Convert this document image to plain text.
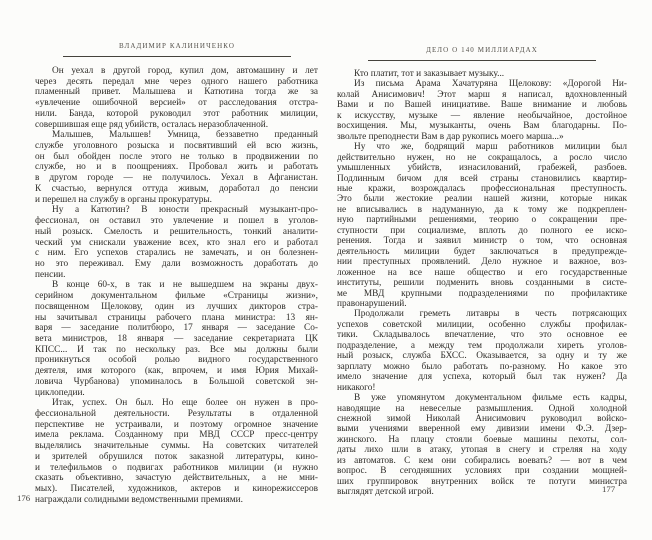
ВЛАДИМИР КАЛИНИЧЕНКО
Он уехал в другой город, купил дом, автомашину и лет
через десять передал мне через одного нашего работника
пламенный привет. Малышева и Катютина тогда же за
«увлечение ошибочной версией» от расследования отстра-
нили. Банда, которой руководил этот работник милиции,
совершившая еще ряд убийств, осталась неразоблаченной.
Малышев, Малышев! Умница, беззаветно преданный
службе уголовного розыска и посвятивший ей всю жизнь,
он был обойден после этого не только в продвижении по
службе, но и в поощрениях. Пробовал жить и работать
в другом городе — не получилось. Уехал в Афганистан.
К счастью, вернулся оттуда живым, доработал до пенсии
и перешел на службу в органы прокуратуры.
Ну а Катютин? В юности прекрасный музыкант-про-
фессионал, он оставил это увлечение и пошел в уголов-
ный розыск. Смелость и решительность, тонкий аналити-
ческий ум снискали уважение всех, кто знал его и работал
с ним. Его успехов старались не замечать, и он болезнен-
но это переживал. Ему дали возможность доработать до
пенсии.
В конце 60-х, в так и не вышедшем на экраны двух-
серийном документальном фильме «Страницы жизни»,
посвященном Щелокову, один из лучших дикторов стра-
ны зачитывал страницы рабочего плана министра: 13 ян-
варя — заседание политбюро, 17 января — заседание Со-
вета министров, 18 января — заседание секретариата ЦК
КПСС... И так по нескольку раз. Все мы должны были
проникнуться особой ролью видного государственного
деятеля, имя которого (как, впрочем, и имя Юрия Михай-
ловича Чурбанова) упоминалось в Большой советской эн-
циклопедии.
Итак, успех. Он был. Но еще более он нужен в про-
фессиональной деятельности. Результаты в отдаленной
перспективе не устраивали, и поэтому огромное значение
имела реклама. Созданному при МВД СССР пресс-центру
выделялись значительные суммы. На советских читателей
и зрителей обрушился поток заказной литературы, кино-
и телефильмов о подвигах работников милиции (и нужно
сказать объективно, зачастую действительных, а не мни-
мых). Писателей, художников, актеров и кинорежиссеров
награждали солидными ведомственными премиями.
176
ДЕЛО О 140 МИЛЛИАРДАХ
Кто платит, тот и заказывает музыку...
Из письма Арама Хачатуряна Щелокову: «Дорогой Ни-
колай Анисимович! Этот марш я написал, вдохновленный
Вами и по Вашей инициативе. Ваше внимание и любовь
к искусству, музыке — явление необычайное, достойное
восхищения. Мы, музыканты, очень Вам благодарны. По-
звольте преподнести Вам в дар рукопись моего марша...»
Ну что же, бодрящий марш работников милиции был
действительно нужен, но не сокращалось, а росло число
умышленных убийств, изнасилований, грабежей, разбоев.
Подлинным бичом для всей страны становились квартир-
ные кражи, возрождалась профессиональная преступность.
Это были жестокие реалии нашей жизни, которые никак
не вписывались в надуманную, да к тому же подкреплен-
ную партийными решениями, теорию о сокращении пре-
ступности при социализме, вплоть до полного ее иско-
ренения. Тогда и заявил министр о том, что основная
деятельность милиции будет заключаться в предупрежде-
нии преступных проявлений. Дело нужное и важное, воз-
ложенное на все наше общество и его государственные
институты, решили подменить вновь созданными в систе-
ме МВД крупными подразделениями по профилактике
правонарушений.
Продолжали греметь литавры в честь потрясающих
успехов советской милиции, особенно службы профилак-
тики. Складывалось впечатление, что это основное ее
подразделение, а между тем продолжали хиреть уголов-
ный розыск, служба БХСС. Оказывается, за одну и ту же
зарплату можно было работать по-разному. Но какое это
имело значение для успеха, который был так нужен? Да
никакого!
В уже упомянутом документальном фильме есть кадры,
наводящие на невеселые размышления. Одной холодной
снежной зимой Николай Анисимович руководил войско-
выми учениями вверенной ему дивизии имени Ф.Э. Дзер-
жинского. На плацу стояли боевые машины пехоты, сол-
даты лихо шли в атаку, утопая в снегу и стреляя на ходу
из автоматов. С кем они собирались воевать? — вот в чем
вопрос. В сегодняшних условиях при создании мощней-
ших группировок внутренних войск те потуги министра
выглядят детской игрой.	177
